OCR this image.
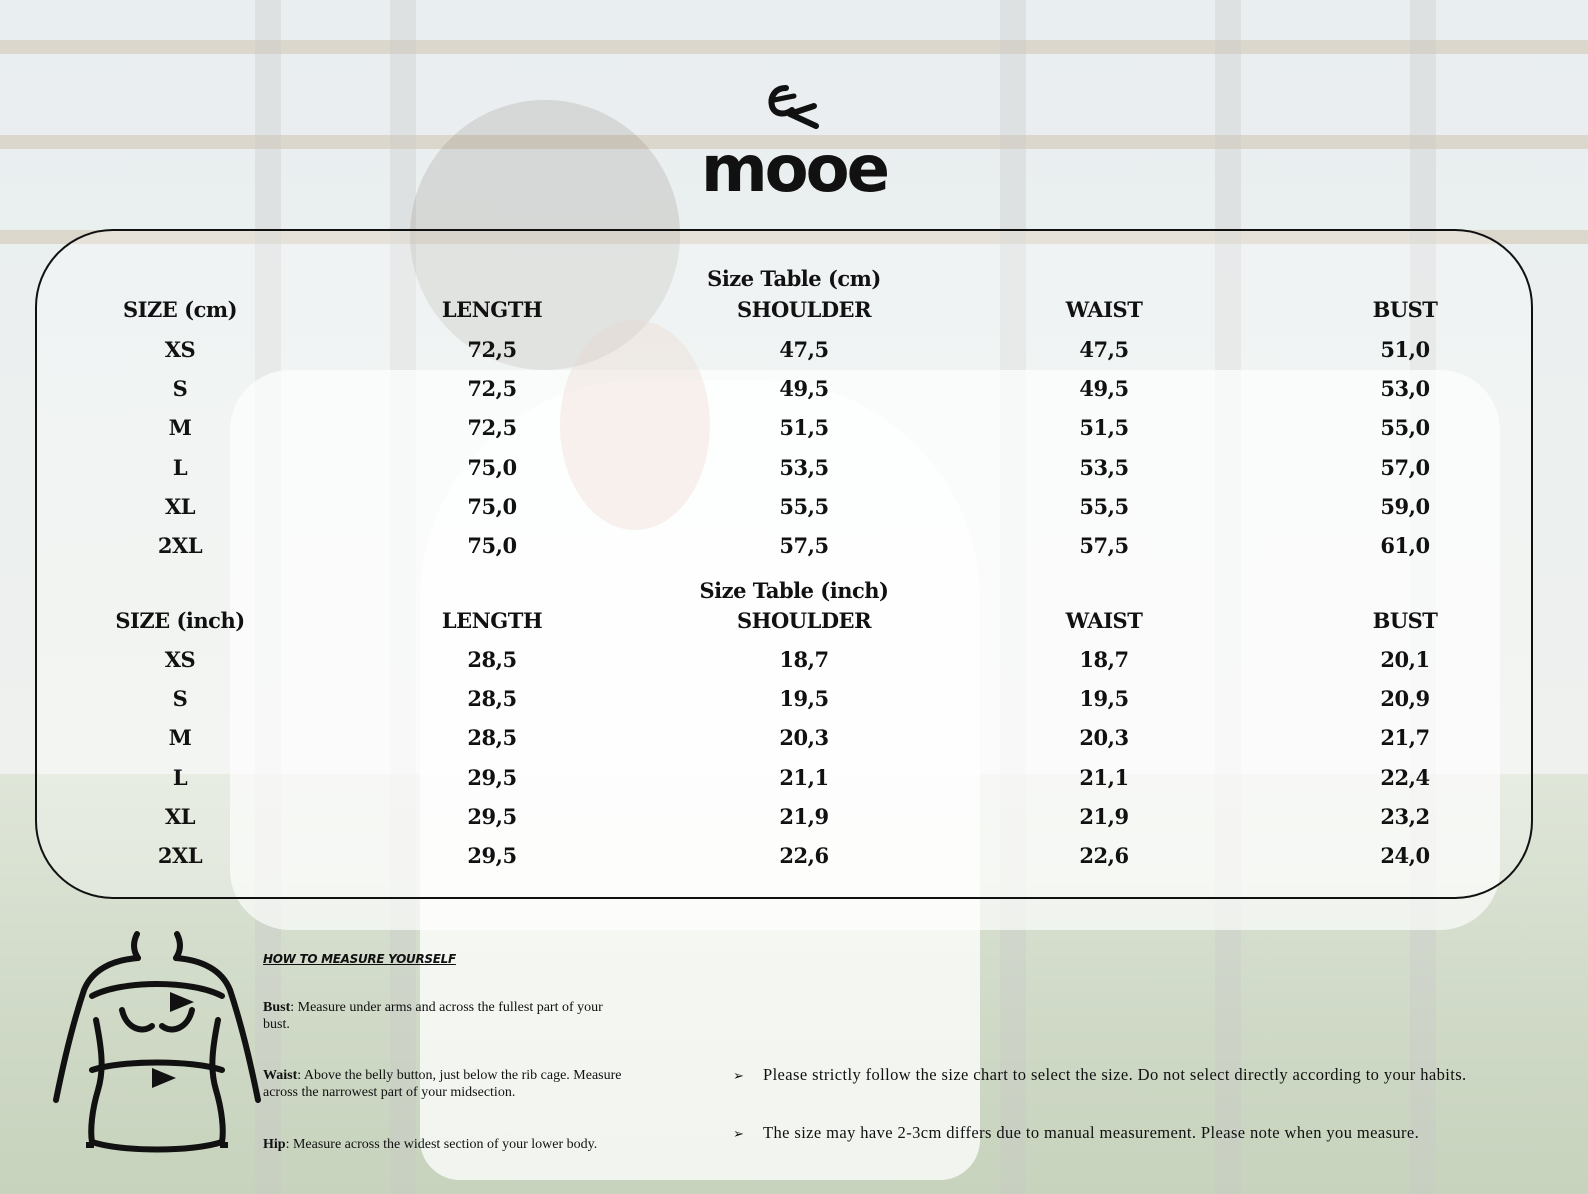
mooe
Size Table (cm)
SIZE (cm)	LENGTH	SHOULDER	WAIST	BUST
XS	72,5	47,5	47,5	51,0
S	72,5	49,5	49,5	53,0
M	72,5	51,5	51,5	55,0
L	75,0	53,5	53,5	57,0
XL	75,0	55,5	55,5	59,0
2XL	75,0	57,5	57,5	61,0
Size Table (inch)
SIZE (inch)	LENGTH	SHOULDER	WAIST	BUST
XS	28,5	18,7	18,7	20,1
S	28,5	19,5	19,5	20,9
M	28,5	20,3	20,3	21,7
L	29,5	21,1	21,1	22,4
XL	29,5	21,9	21,9	23,2
2XL	29,5	22,6	22,6	24,0
HOW TO MEASURE YOURSELF
Bust: Measure under arms and across the fullest part of your bust.
Waist: Above the belly button, just below the rib cage. Measure across the narrowest part of your midsection.
Hip: Measure across the widest section of your lower body.
➢ Please strictly follow the size chart to select the size. Do not select directly according to your habits.
➢ The size may have 2-3cm differs due to manual measurement. Please note when you measure.
